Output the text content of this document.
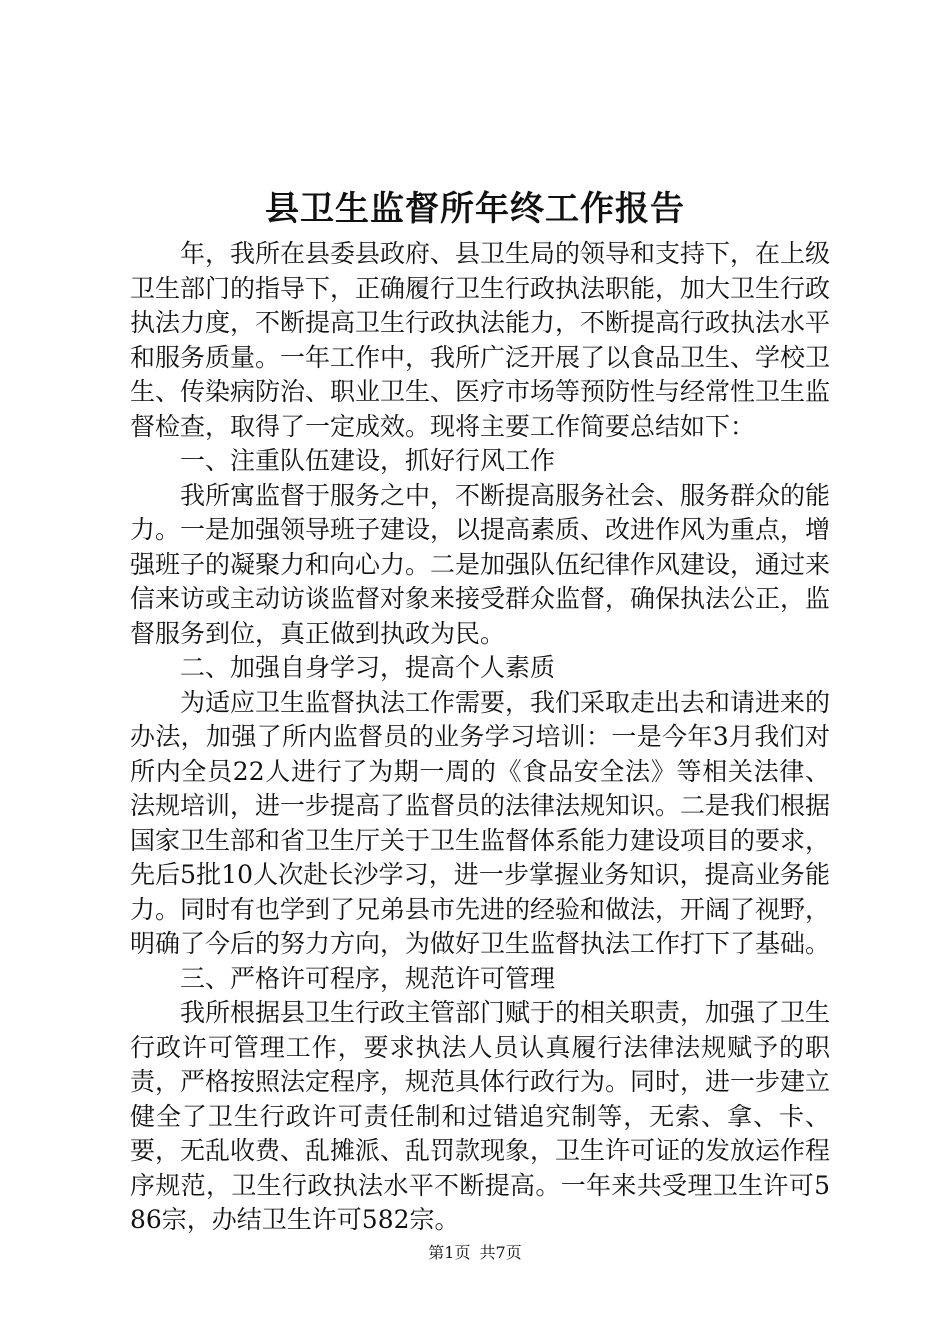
县卫生监督所年终工作报告

年，我所在县委县政府、县卫生局的领导和支持下，在上级卫生部门的指导下，正确履行卫生行政执法职能，加大卫生行政执法力度，不断提高卫生行政执法能力，不断提高行政执法水平和服务质量。一年工作中，我所广泛开展了以食品卫生、学校卫生、传染病防治、职业卫生、医疗市场等预防性与经常性卫生监督检查，取得了一定成效。现将主要工作简要总结如下：

一、注重队伍建设，抓好行风工作

我所寓监督于服务之中，不断提高服务社会、服务群众的能力。一是加强领导班子建设，以提高素质、改进作风为重点，增强班子的凝聚力和向心力。二是加强队伍纪律作风建设，通过来信来访或主动访谈监督对象来接受群众监督，确保执法公正，监督服务到位，真正做到执政为民。

二、加强自身学习，提高个人素质

为适应卫生监督执法工作需要，我们采取走出去和请进来的办法，加强了所内监督员的业务学习培训：一是今年3月我们对所内全员22人进行了为期一周的《食品安全法》等相关法律、法规培训，进一步提高了监督员的法律法规知识。二是我们根据国家卫生部和省卫生厅关于卫生监督体系能力建设项目的要求，先后5批10人次赴长沙学习，进一步掌握业务知识，提高业务能力。同时有也学到了兄弟县市先进的经验和做法，开阔了视野，明确了今后的努力方向，为做好卫生监督执法工作打下了基础。

三、严格许可程序，规范许可管理

我所根据县卫生行政主管部门赋于的相关职责，加强了卫生行政许可管理工作，要求执法人员认真履行法律法规赋予的职责，严格按照法定程序，规范具体行政行为。同时，进一步建立健全了卫生行政许可责任制和过错追究制等，无索、拿、卡、要，无乱收费、乱摊派、乱罚款现象，卫生许可证的发放运作程序规范，卫生行政执法水平不断提高。一年来共受理卫生许可586宗，办结卫生许可582宗。

第1页 共7页
